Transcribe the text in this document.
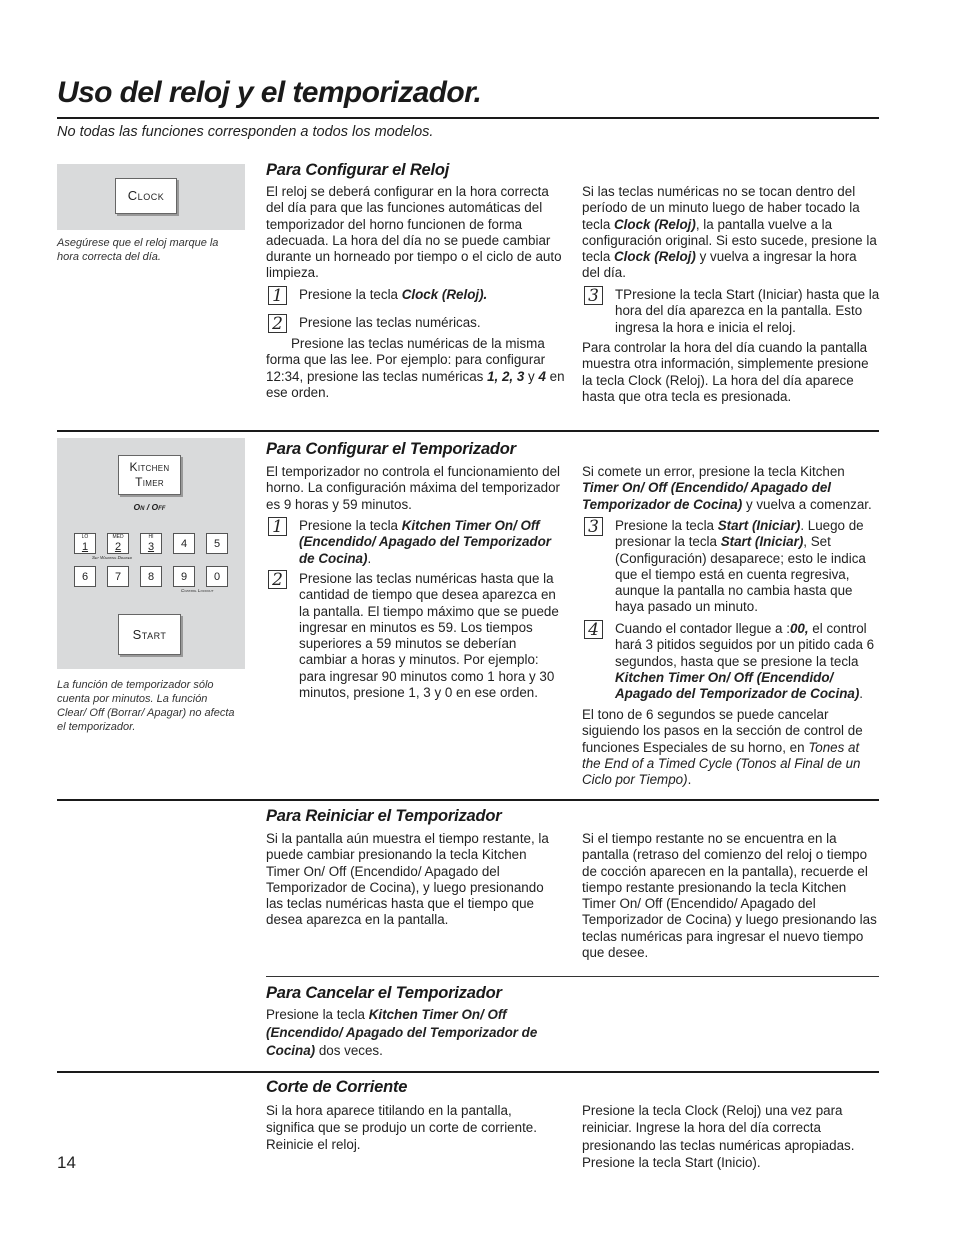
Uso del reloj y el temporizador.
No todas las funciones corresponden a todos los modelos.
Clock
Asegúrese que el reloj marque la hora correcta del día.
Para Configurar el Reloj
El reloj se deberá configurar en la hora correcta del día para que las funciones automáticas del temporizador del horno funcionen de forma adecuada. La hora del día no se puede cambiar durante un horneado por tiempo o el ciclo de auto limpieza.
1	Presione la tecla Clock (Reloj).
2	Presione las teclas numéricas.
Presione las teclas numéricas de la misma forma que las lee. Por ejemplo: para configurar 12:34, presione las teclas numéricas 1, 2, 3 y 4 en ese orden.
Si las teclas numéricas no se tocan dentro del período de un minuto luego de haber tocado la tecla Clock (Reloj), la pantalla vuelve a la configuración original. Si esto sucede, presione la tecla Clock (Reloj) y vuelva a ingresar la hora del día.
3	TPresione la tecla Start (Iniciar) hasta que la hora del día aparezca en la pantalla. Esto ingresa la hora e inicia el reloj.
Para controlar la hora del día cuando la pantalla muestra otra información, simplemente presione la tecla Clock (Reloj). La hora del día aparece hasta que otra tecla es presionada.
Kitchen
Timer
On / Off
LO
1
MED
2
HI
3	4	5
Set Warming Drawer
6	7	8	9	0
Control Lockout
Start
La función de temporizador sólo cuenta por minutos. La función Clear/ Off (Borrar/ Apagar) no afecta el temporizador.
Para Configurar el Temporizador
El temporizador no controla el funcionamiento del horno. La configuración máxima del temporizador es 9 horas y 59 minutos.
1	Presione la tecla Kitchen Timer On/ Off (Encendido/ Apagado del Temporizador de Cocina).
2	Presione las teclas numéricas hasta que la cantidad de tiempo que desea aparezca en la pantalla. El tiempo máximo que se puede ingresar en minutos es 59. Los tiempos superiores a 59 minutos se deberían cambiar a horas y minutos. Por ejemplo: para ingresar 90 minutos como 1 hora y 30 minutos, presione 1, 3 y 0 en ese orden.
Si comete un error, presione la tecla Kitchen Timer On/ Off (Encendido/ Apagado del Temporizador de Cocina) y vuelva a comenzar.
3	Presione la tecla Start (Iniciar). Luego de presionar la tecla Start (Iniciar), Set (Configuración) desaparece; esto le indica que el tiempo está en cuenta regresiva, aunque la pantalla no cambia hasta que haya pasado un minuto.
4	Cuando el contador llegue a :00, el control hará 3 pitidos seguidos por un pitido cada 6 segundos, hasta que se presione la tecla Kitchen Timer On/ Off (Encendido/ Apagado del Temporizador de Cocina).
El tono de 6 segundos se puede cancelar siguiendo los pasos en la sección de control de funciones Especiales de su horno, en Tones at the End of a Timed Cycle (Tonos al Final de un Ciclo por Tiempo).
Para Reiniciar el Temporizador
Si la pantalla aún muestra el tiempo restante, la puede cambiar presionando la tecla Kitchen Timer On/ Off (Encendido/ Apagado del Temporizador de Cocina), y luego presionando las teclas numéricas hasta que el tiempo que desea aparezca en la pantalla.
Si el tiempo restante no se encuentra en la pantalla (retraso del comienzo del reloj o tiempo de cocción aparecen en la pantalla), recuerde el tiempo restante presionando la tecla Kitchen Timer On/ Off (Encendido/ Apagado del Temporizador de Cocina) y luego presionando las teclas numéricas para ingresar el nuevo tiempo que desee.
Para Cancelar el Temporizador
Presione la tecla Kitchen Timer On/ Off (Encendido/ Apagado del Temporizador de Cocina) dos veces.
Corte de Corriente
Si la hora aparece titilando en la pantalla, significa que se produjo un corte de corriente. Reinicie el reloj.
Presione la tecla Clock (Reloj) una vez para reiniciar. Ingrese la hora del día correcta presionando las teclas numéricas apropiadas. Presione la tecla Start (Inicio).
14
